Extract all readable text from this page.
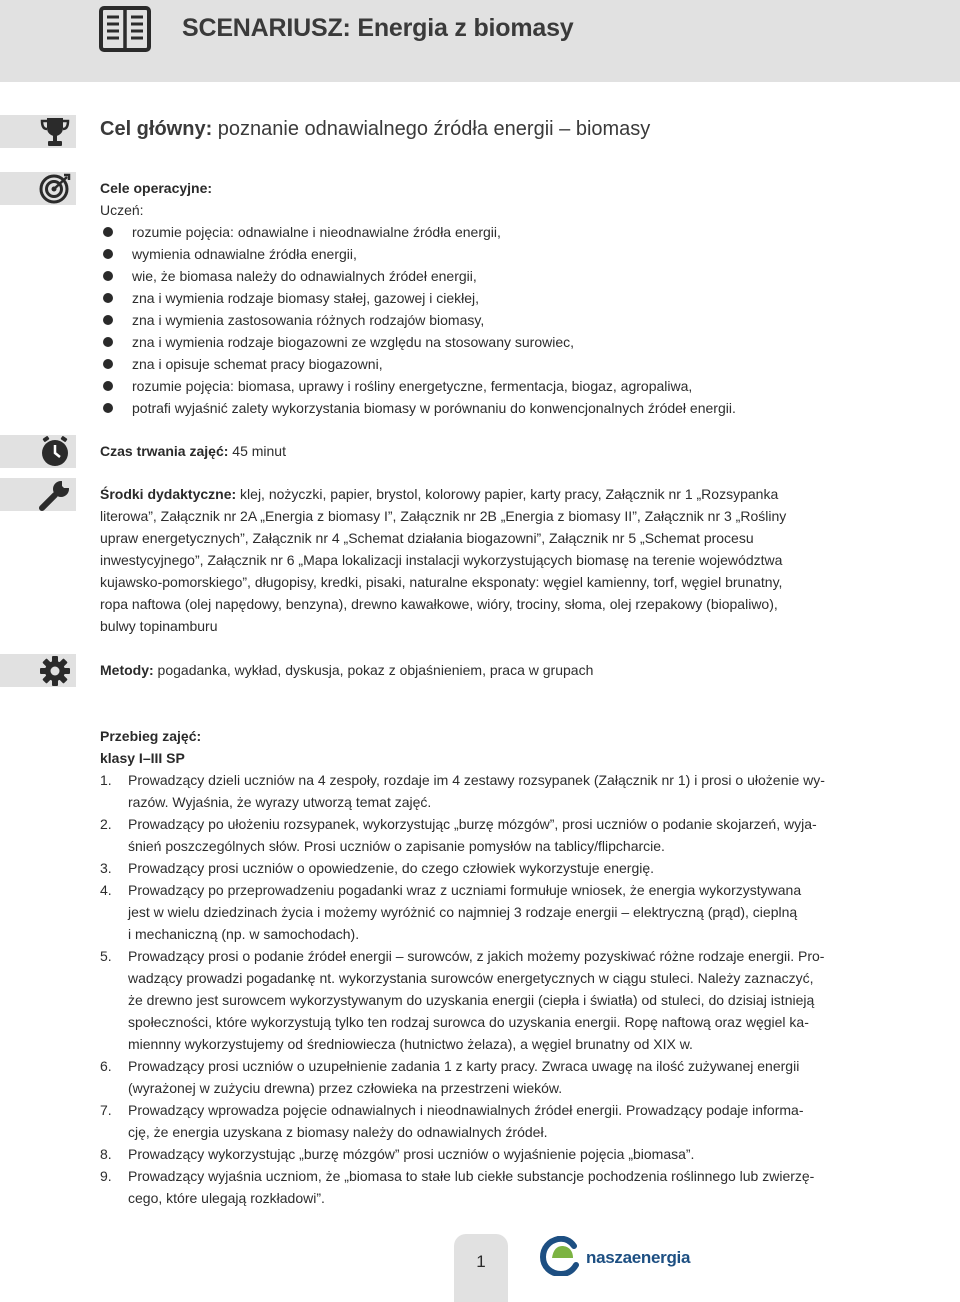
SCENARIUSZ: Energia z biomasy
Cel główny: poznanie odnawialnego źródła energii – biomasy
Cele operacyjne:
Uczeń:
rozumie pojęcia: odnawialne i nieodnawialne źródła energii,
wymienia odnawialne źródła energii,
wie, że biomasa należy do odnawialnych źródeł energii,
zna i wymienia rodzaje biomasy stałej, gazowej i ciekłej,
zna i wymienia zastosowania różnych rodzajów biomasy,
zna i wymienia rodzaje biogazowni ze względu na stosowany surowiec,
zna i opisuje schemat pracy biogazowni,
rozumie pojęcia: biomasa, uprawy i rośliny energetyczne, fermentacja, biogaz, agropaliwa,
potrafi wyjaśnić zalety wykorzystania biomasy w porównaniu do konwencjonalnych źródeł energii.
Czas trwania zajęć: 45 minut
Środki dydaktyczne: klej, nożyczki, papier, brystol, kolorowy papier, karty pracy, Załącznik nr 1 „Rozsypanka
literowa”, Załącznik nr 2A „Energia z biomasy I”, Załącznik nr 2B „Energia z biomasy II”, Załącznik nr 3 „Rośliny
upraw energetycznych”, Załącznik nr 4 „Schemat działania biogazowni”, Załącznik nr 5 „Schemat procesu
inwestycyjnego”, Załącznik nr 6 „Mapa lokalizacji instalacji wykorzystujących biomasę na terenie województwa
kujawsko-pomorskiego”, długopisy, kredki, pisaki, naturalne eksponaty: węgiel kamienny, torf, węgiel brunatny,
ropa naftowa (olej napędowy, benzyna), drewno kawałkowe, wióry, trociny, słoma, olej rzepakowy (biopaliwo),
bulwy topinamburu
Metody: pogadanka, wykład, dyskusja, pokaz z objaśnieniem, praca w grupach
Przebieg zajęć:
klasy I–III SP
1. Prowadzący dzieli uczniów na 4 zespoły, rozdaje im 4 zestawy rozsypanek (Załącznik nr 1) i prosi o ułożenie wy-
razów. Wyjaśnia, że wyrazy utworzą temat zajęć.
2. Prowadzący po ułożeniu rozsypanek, wykorzystując „burzę mózgów”, prosi uczniów o podanie skojarzeń, wyja-
śnień poszczególnych słów. Prosi uczniów o zapisanie pomysłów na tablicy/flipcharcie.
3. Prowadzący prosi uczniów o opowiedzenie, do czego człowiek wykorzystuje energię.
4. Prowadzący po przeprowadzeniu pogadanki wraz z uczniami formułuje wniosek, że energia wykorzystywana
jest w wielu dziedzinach życia i możemy wyróżnić co najmniej 3 rodzaje energii – elektryczną (prąd), cieplną
i mechaniczną (np. w samochodach).
5. Prowadzący prosi o podanie źródeł energii – surowców, z jakich możemy pozyskiwać różne rodzaje energii. Pro-
wadzący prowadzi pogadankę nt. wykorzystania surowców energetycznych w ciągu stuleci. Należy zaznaczyć,
że drewno jest surowcem wykorzystywanym do uzyskania energii (ciepła i światła) od stuleci, do dzisiaj istnieją
społeczności, które wykorzystują tylko ten rodzaj surowca do uzyskania energii. Ropę naftową oraz węgiel ka-
miennny wykorzystujemy od średniowiecza (hutnictwo żelaza), a węgiel brunatny od XIX w.
6. Prowadzący prosi uczniów o uzupełnienie zadania 1 z karty pracy. Zwraca uwagę na ilość zużywanej energii
(wyrażonej w zużyciu drewna) przez człowieka na przestrzeni wieków.
7. Prowadzący wprowadza pojęcie odnawialnych i nieodnawialnych źródeł energii. Prowadzący podaje informa-
cję, że energia uzyskana z biomasy należy do odnawialnych źródeł.
8. Prowadzący wykorzystując „burzę mózgów” prosi uczniów o wyjaśnienie pojęcia „biomasa”.
9. Prowadzący wyjaśnia uczniom, że „biomasa to stałe lub ciekłe substancje pochodzenia roślinnego lub zwierzę-
cego, które ulegają rozkładowi”.
1	naszaenergia
